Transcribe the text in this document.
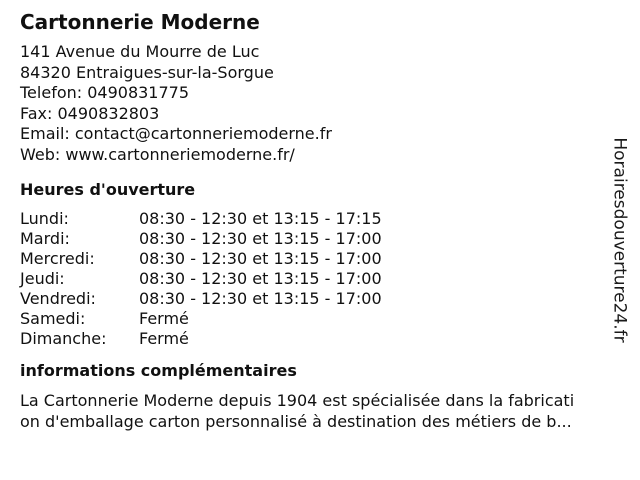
Cartonnerie Moderne
141 Avenue du Mourre de Luc
84320 Entraigues-sur-la-Sorgue
Telefon: 0490831775
Fax: 0490832803
Email: contact@cartonneriemoderne.fr
Web: www.cartonneriemoderne.fr/
Heures d'ouverture
Lundi:	08:30 - 12:30 et 13:15 - 17:15
Mardi:	08:30 - 12:30 et 13:15 - 17:00
Mercredi:	08:30 - 12:30 et 13:15 - 17:00
Jeudi:	08:30 - 12:30 et 13:15 - 17:00
Vendredi:	08:30 - 12:30 et 13:15 - 17:00
Samedi:	Fermé
Dimanche:	Fermé
informations complémentaires
La Cartonnerie Moderne depuis 1904 est spécialisée dans la fabricati
on d'emballage carton personnalisé à destination des métiers de b...
Horairesdouverture24.fr
